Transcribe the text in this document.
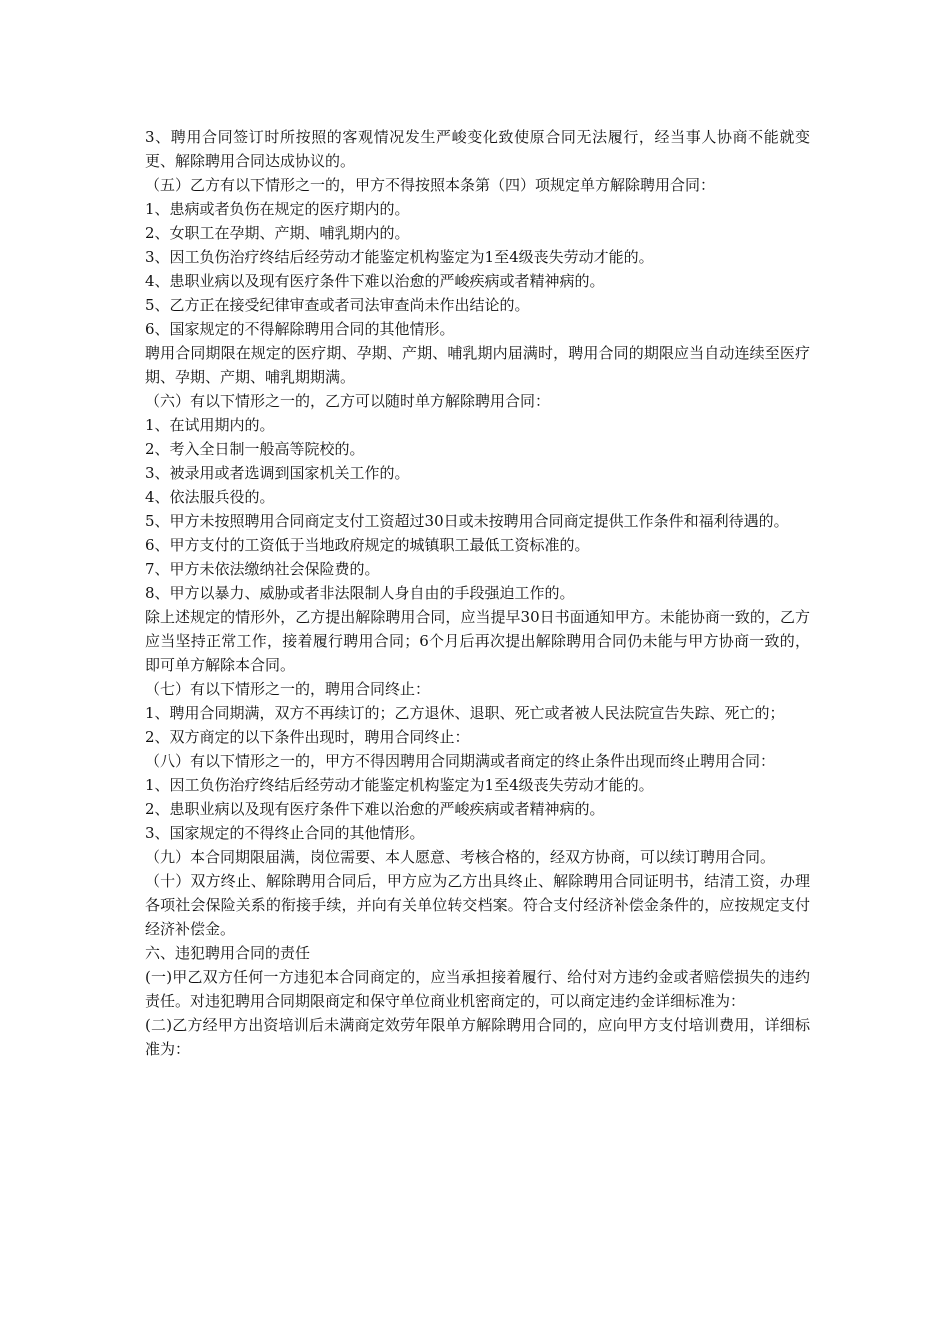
3、聘用合同签订时所按照的客观情况发生严峻变化致使原合同无法履行，经当事人协商不能就变更、解除聘用合同达成协议的。

（五）乙方有以下情形之一的，甲方不得按照本条第（四）项规定单方解除聘用合同：

1、患病或者负伤在规定的医疗期内的。

2、女职工在孕期、产期、哺乳期内的。

3、因工负伤治疗终结后经劳动才能鉴定机构鉴定为1至4级丧失劳动才能的。

4、患职业病以及现有医疗条件下难以治愈的严峻疾病或者精神病的。

5、乙方正在接受纪律审查或者司法审查尚未作出结论的。

6、国家规定的不得解除聘用合同的其他情形。

聘用合同期限在规定的医疗期、孕期、产期、哺乳期内届满时，聘用合同的期限应当自动连续至医疗期、孕期、产期、哺乳期期满。

（六）有以下情形之一的，乙方可以随时单方解除聘用合同：

1、在试用期内的。

2、考入全日制一般高等院校的。

3、被录用或者选调到国家机关工作的。

4、依法服兵役的。

5、甲方未按照聘用合同商定支付工资超过30日或未按聘用合同商定提供工作条件和福利待遇的。

6、甲方支付的工资低于当地政府规定的城镇职工最低工资标准的。

7、甲方未依法缴纳社会保险费的。

8、甲方以暴力、威胁或者非法限制人身自由的手段强迫工作的。

除上述规定的情形外，乙方提出解除聘用合同，应当提早30日书面通知甲方。未能协商一致的，乙方应当坚持正常工作，接着履行聘用合同；6个月后再次提出解除聘用合同仍未能与甲方协商一致的，即可单方解除本合同。

（七）有以下情形之一的，聘用合同终止：

1、聘用合同期满，双方不再续订的；乙方退休、退职、死亡或者被人民法院宣告失踪、死亡的；

2、双方商定的以下条件出现时，聘用合同终止：

（八）有以下情形之一的，甲方不得因聘用合同期满或者商定的终止条件出现而终止聘用合同：

1、因工负伤治疗终结后经劳动才能鉴定机构鉴定为1至4级丧失劳动才能的。

2、患职业病以及现有医疗条件下难以治愈的严峻疾病或者精神病的。

3、国家规定的不得终止合同的其他情形。

（九）本合同期限届满，岗位需要、本人愿意、考核合格的，经双方协商，可以续订聘用合同。

（十）双方终止、解除聘用合同后，甲方应为乙方出具终止、解除聘用合同证明书，结清工资，办理各项社会保险关系的衔接手续，并向有关单位转交档案。符合支付经济补偿金条件的，应按规定支付经济补偿金。

六、违犯聘用合同的责任

(一)甲乙双方任何一方违犯本合同商定的，应当承担接着履行、给付对方违约金或者赔偿损失的违约责任。对违犯聘用合同期限商定和保守单位商业机密商定的，可以商定违约金详细标准为：

(二)乙方经甲方出资培训后未满商定效劳年限单方解除聘用合同的，应向甲方支付培训费用，详细标准为：
